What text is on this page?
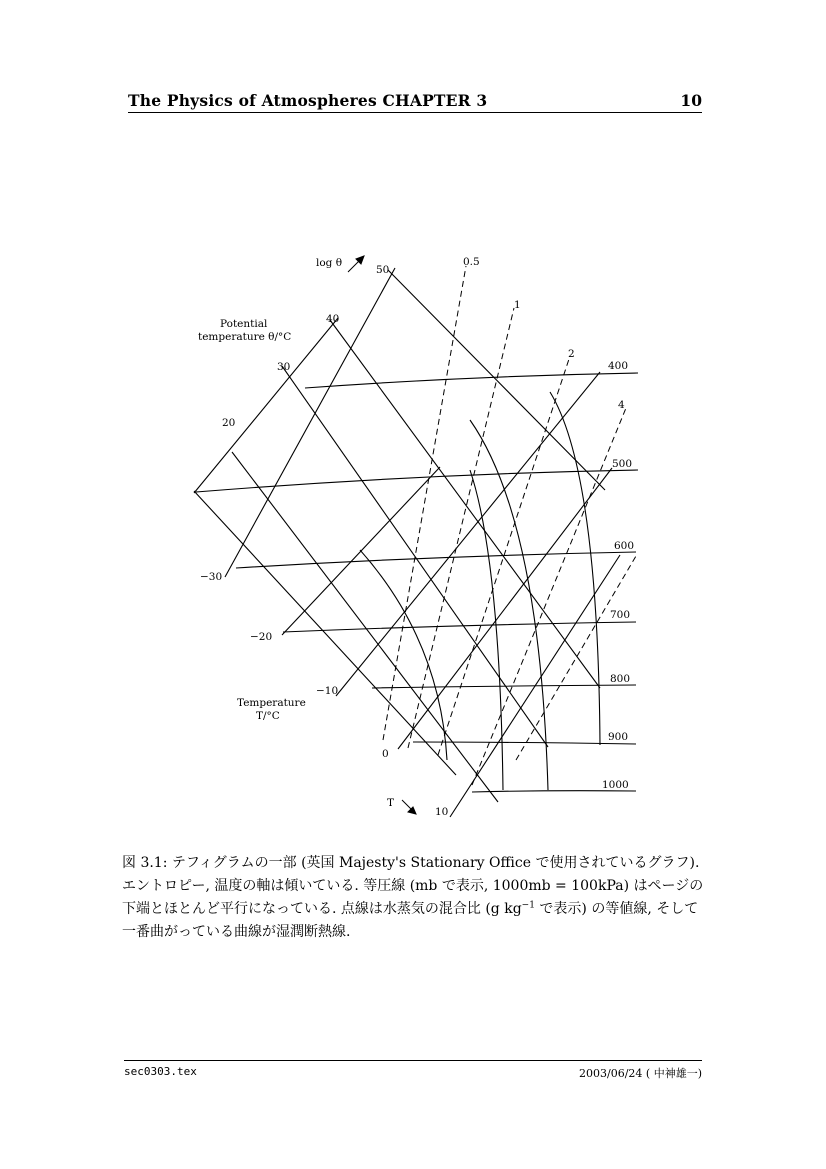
The Physics of Atmospheres CHAPTER 3	10
log θ
Potential
temperature θ/°C
Temperature
T/°C
T
50
40
30
20
−30
−20
−10
0
10
400
500
600
700
800
900
1000
0.5
1
2
4
図 3.1: テフィグラムの一部 (英国 Majesty's Stationary Office で使用されているグラフ). エントロピー, 温度の軸は傾いている. 等圧線 (mb で表示, 1000mb = 100kPa) はページの下端とほとんど平行になっている. 点線は水蒸気の混合比 (g $kg^{-1}$ で表示) の等値線, そして一番曲がっている曲線が湿潤断熱線.
sec0303.tex	2003/06/24 ( 中神雄一)
